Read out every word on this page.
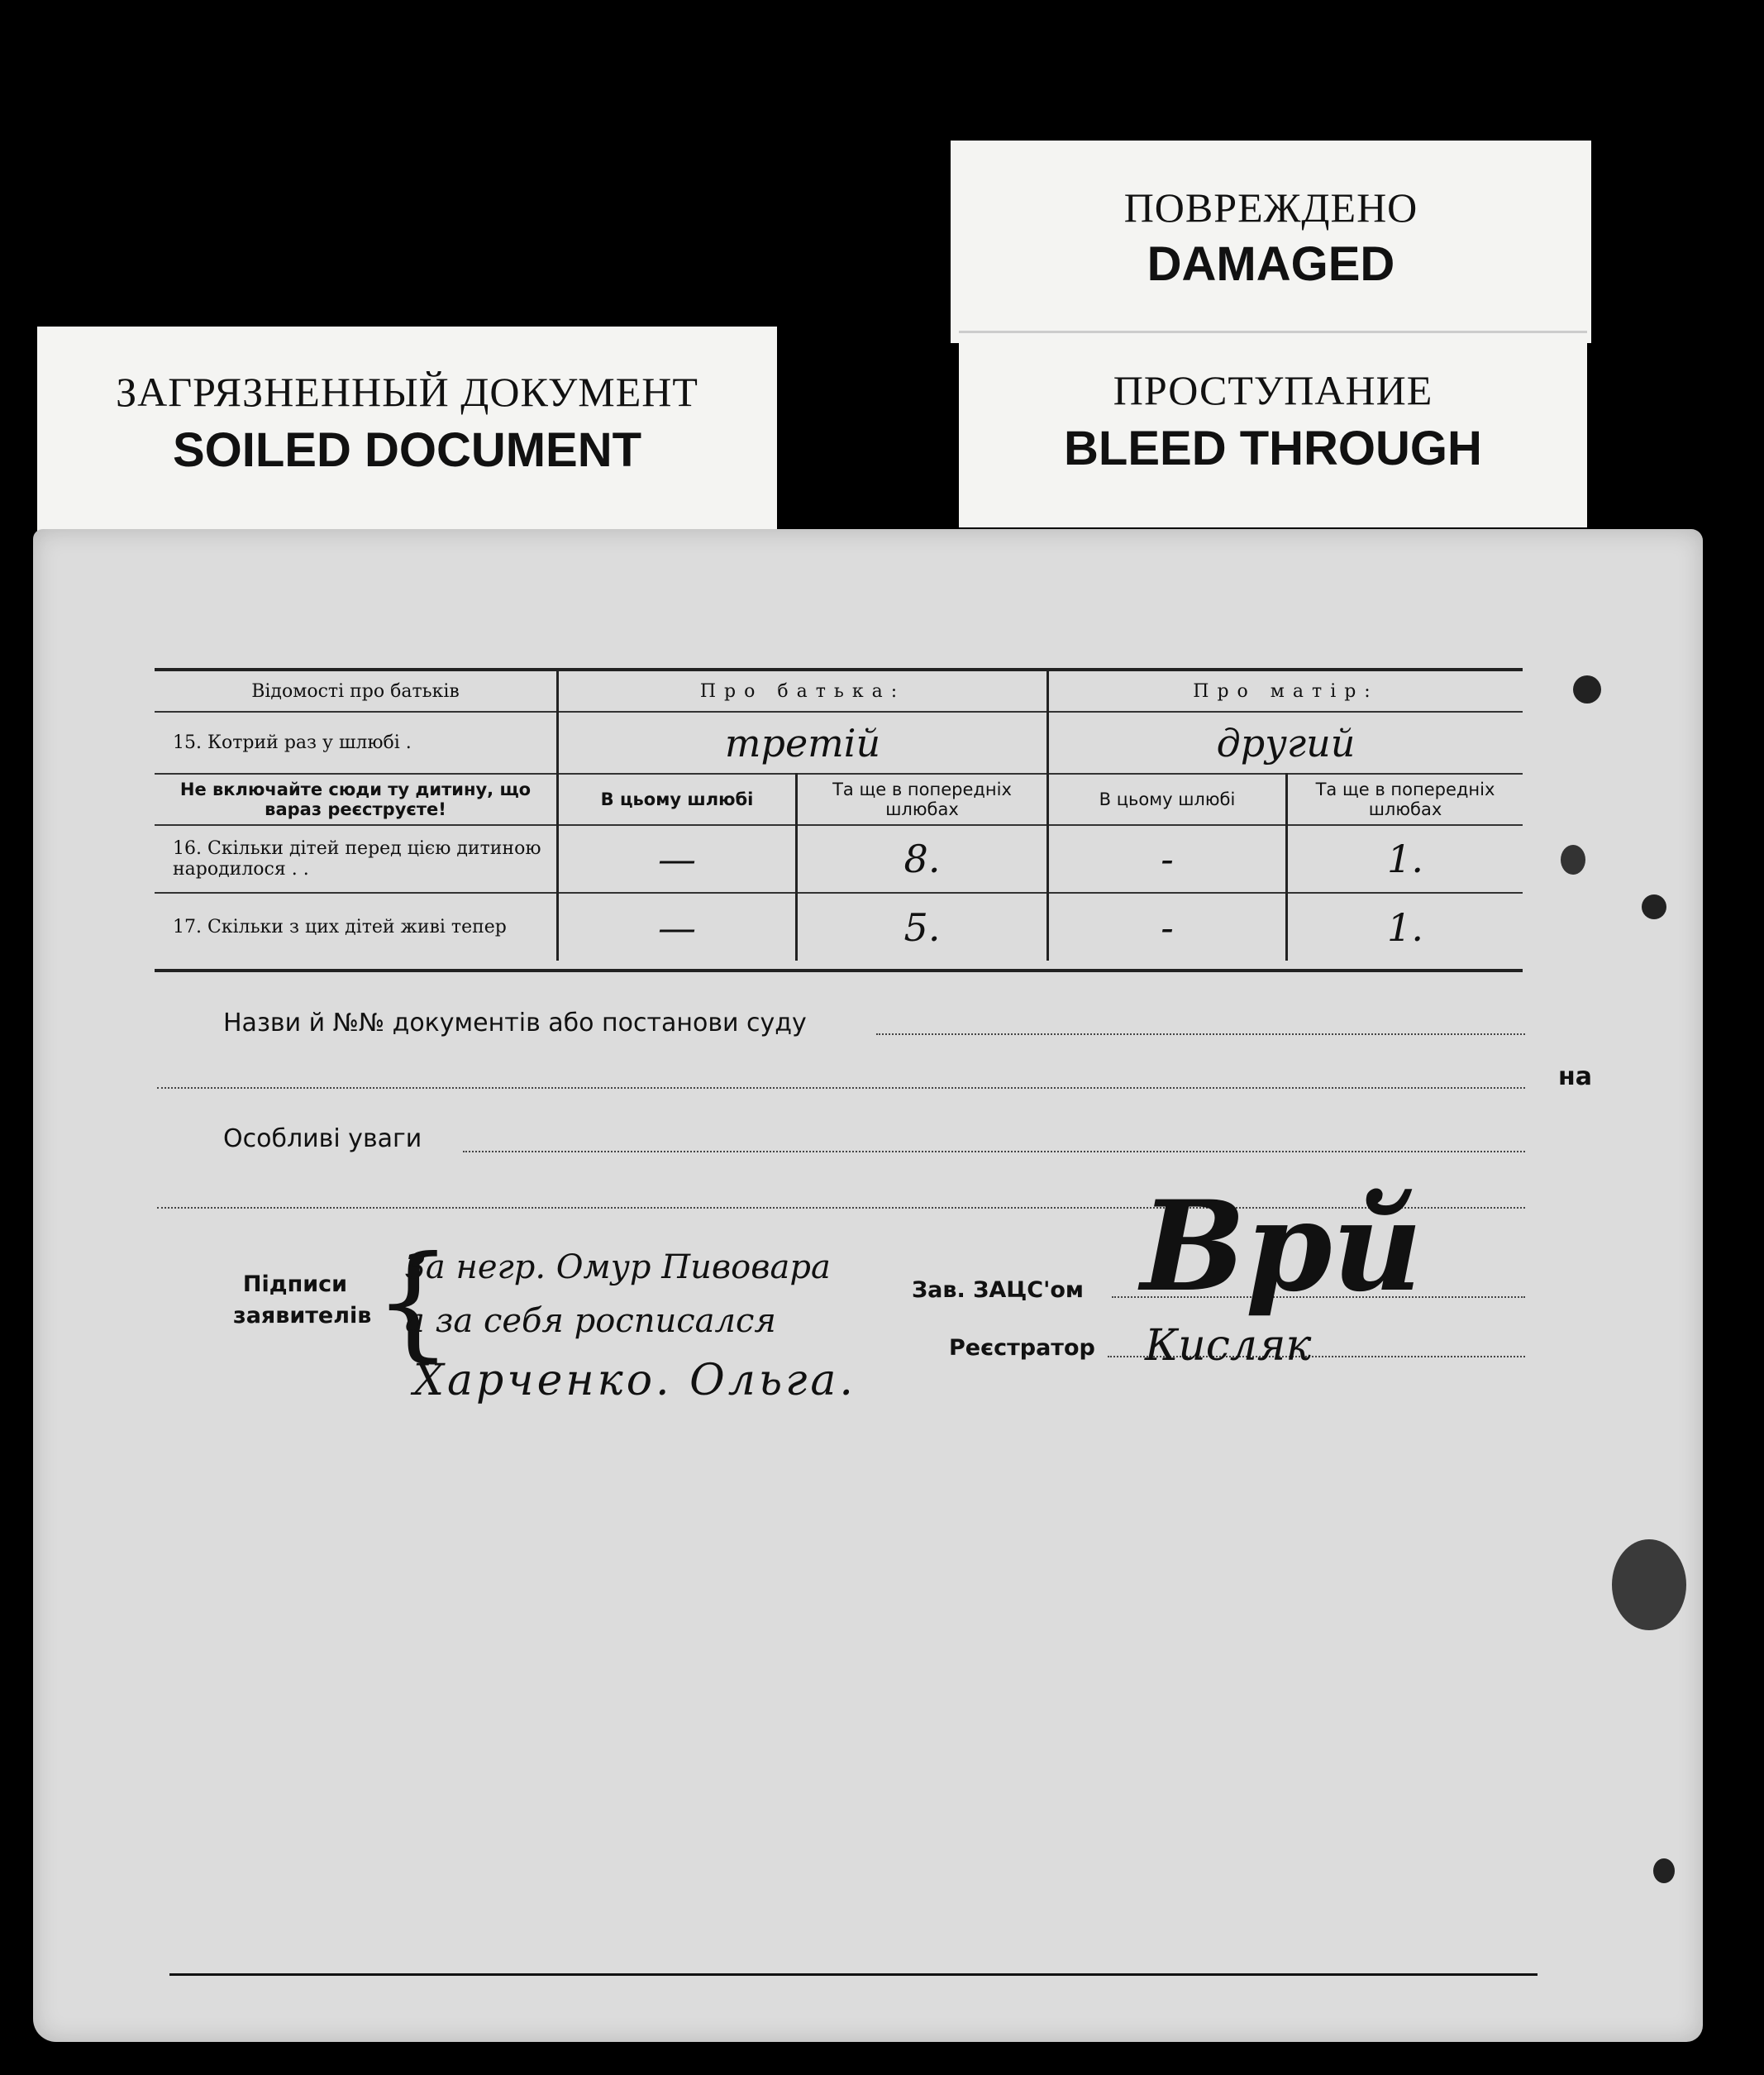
ЗАГРЯЗНЕННЫЙ ДОКУМЕНТ
SOILED DOCUMENT
ПОВРЕЖДЕНО
DAMAGED
ПРОСТУПАНИЕ
BLEED THROUGH
Відомості про батьків	Про батька:		Про матір:	
15. Котрий раз у шлюбі .	третій		другий	
Не включайте сюди ту дитину, що вараз реєструєте!	В цьому шлюбі	Та ще в попередніх шлюбах	В цьому шлюбі	Та ще в попередніх шлюбах
16. Скільки дітей перед цією дитиною народилося . .	—	8.	-	1.
17. Скільки з цих дітей живі тепер	—	5.	-	1.
Назви й №№ документів або постанови суду
на
Особливі уваги
Підписи заявителів {
За негр. Омур Пивовара
а за себя росписался
Харченко. Ольга.
Зав. ЗАЦС'ом Врй
Реєстратор Кисляк
